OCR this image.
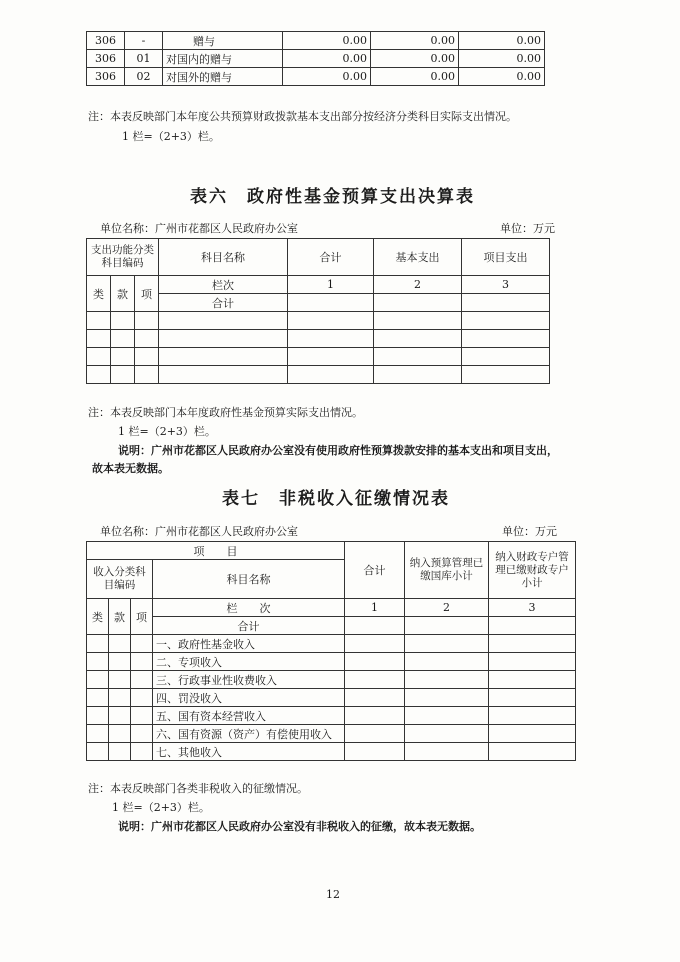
306	-	赠与	0.00	0.00	0.00
306	01	对国内的赠与	0.00	0.00	0.00
306	02	对国外的赠与	0.00	0.00	0.00
注：本表反映部门本年度公共预算财政拨款基本支出部分按经济分类科目实际支出情况。
1 栏=（2+3）栏。
表六　政府性基金预算支出决算表
单位名称：广州市花都区人民政府办公室	单位：万元
支出功能分类科目编码			科目名称	合计	基本支出	项目支出

类	款	项	栏次	1	2	3
			合计			

注：本表反映部门本年度政府性基金预算实际支出情况。
1 栏=（2+3）栏。
说明：广州市花都区人民政府办公室没有使用政府性预算拨款安排的基本支出和项目支出，
故本表无数据。
表七　非税收入征缴情况表
单位名称：广州市花都区人民政府办公室	单位：万元
项　　目				合计	纳入预算管理已缴国库小计	纳入财政专户管理已缴财政专户小计
收入分类科目编码			科目名称			
类	款	项	栏　　次	1	2	3
			合计			
			一、政府性基金收入			
			二、专项收入			
			三、行政事业性收费收入			
			四、罚没收入			
			五、国有资本经营收入			
			六、国有资源（资产）有偿使用收入			
			七、其他收入			
注：本表反映部门各类非税收入的征缴情况。
1 栏=（2+3）栏。
说明：广州市花都区人民政府办公室没有非税收入的征缴，故本表无数据。
12
